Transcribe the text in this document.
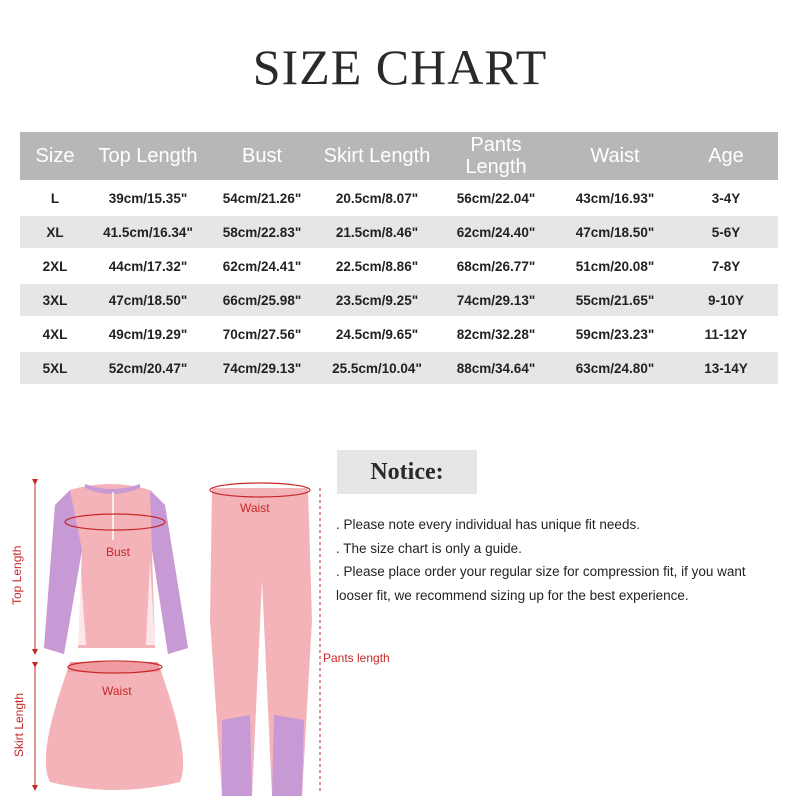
SIZE CHART
Size	Top Length	Bust	Skirt Length	Pants Length	Waist	Age
L	39cm/15.35"	54cm/21.26"	20.5cm/8.07"	56cm/22.04"	43cm/16.93"	3-4Y
XL	41.5cm/16.34"	58cm/22.83"	21.5cm/8.46"	62cm/24.40"	47cm/18.50"	5-6Y
2XL	44cm/17.32"	62cm/24.41"	22.5cm/8.86"	68cm/26.77"	51cm/20.08"	7-8Y
3XL	47cm/18.50"	66cm/25.98"	23.5cm/9.25"	74cm/29.13"	55cm/21.65"	9-10Y
4XL	49cm/19.29"	70cm/27.56"	24.5cm/9.65"	82cm/32.28"	59cm/23.23"	11-12Y
5XL	52cm/20.47"	74cm/29.13"	25.5cm/10.04"	88cm/34.64"	63cm/24.80"	13-14Y
Bust
Waist
Waist
Top Length
Skirt Length
Pants length
Notice:

. Please note every individual has unique fit needs.

. The size chart is only a guide.

. Please place order your regular size for compression fit, if you want looser fit, we recommend sizing up for the best experience.
